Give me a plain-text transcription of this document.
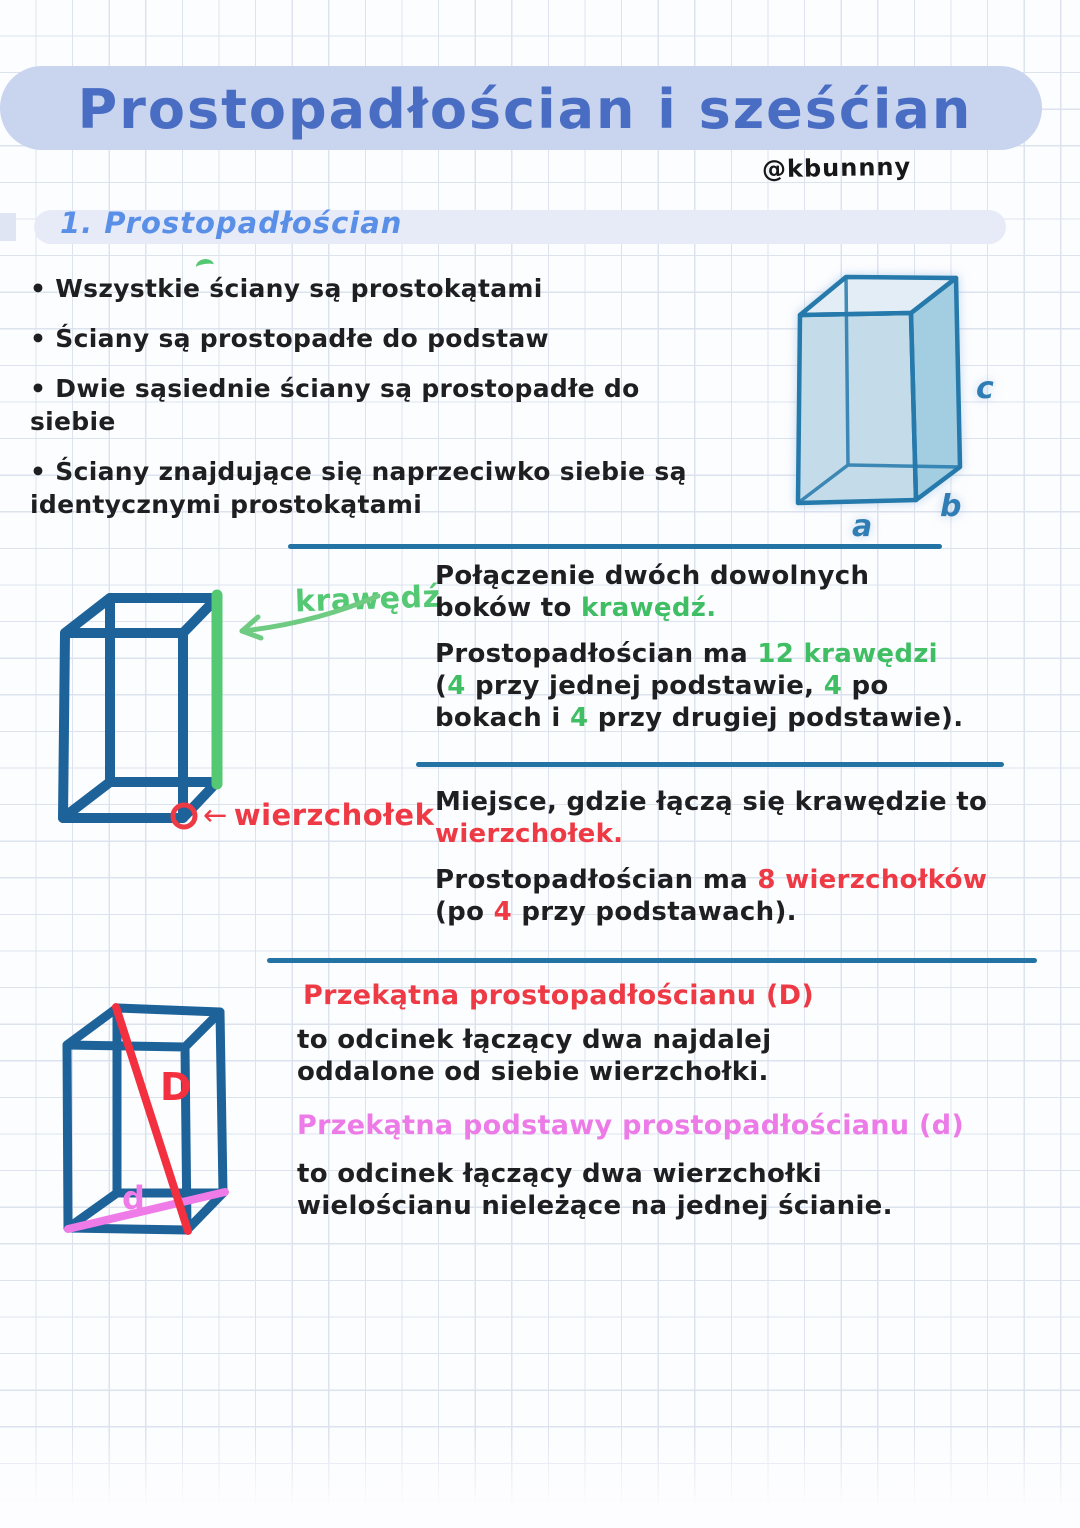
Prostopadłościan i sześćian
@kbunnny
1. Prostopadłościan
• Wszystkie ściany są prostokątami
• Ściany są prostopadłe do podstaw
• Dwie sąsiednie ściany są prostopadłe do
siebie
• Ściany znajdujące się naprzeciwko siebie są
identycznymi prostokątami
a
b
c
krawędź
← wierzchołek
Połączenie dwóch dowolnych
boków to krawędź.
Prostopadłościan ma 12 krawędzi
(4 przy jednej podstawie, 4 po
bokach i 4 przy drugiej podstawie).
Miejsce, gdzie łączą się krawędzie to
wierzchołek.
Prostopadłościan ma 8 wierzchołków
(po 4 przy podstawach).
Przekątna prostopadłościanu (D)
to odcinek łączący dwa najdalej
oddalone od siebie wierzchołki.
Przekątna podstawy prostopadłościanu (d)
to odcinek łączący dwa wierzchołki
wielościanu nieleżące na jednej ścianie.
D
d
